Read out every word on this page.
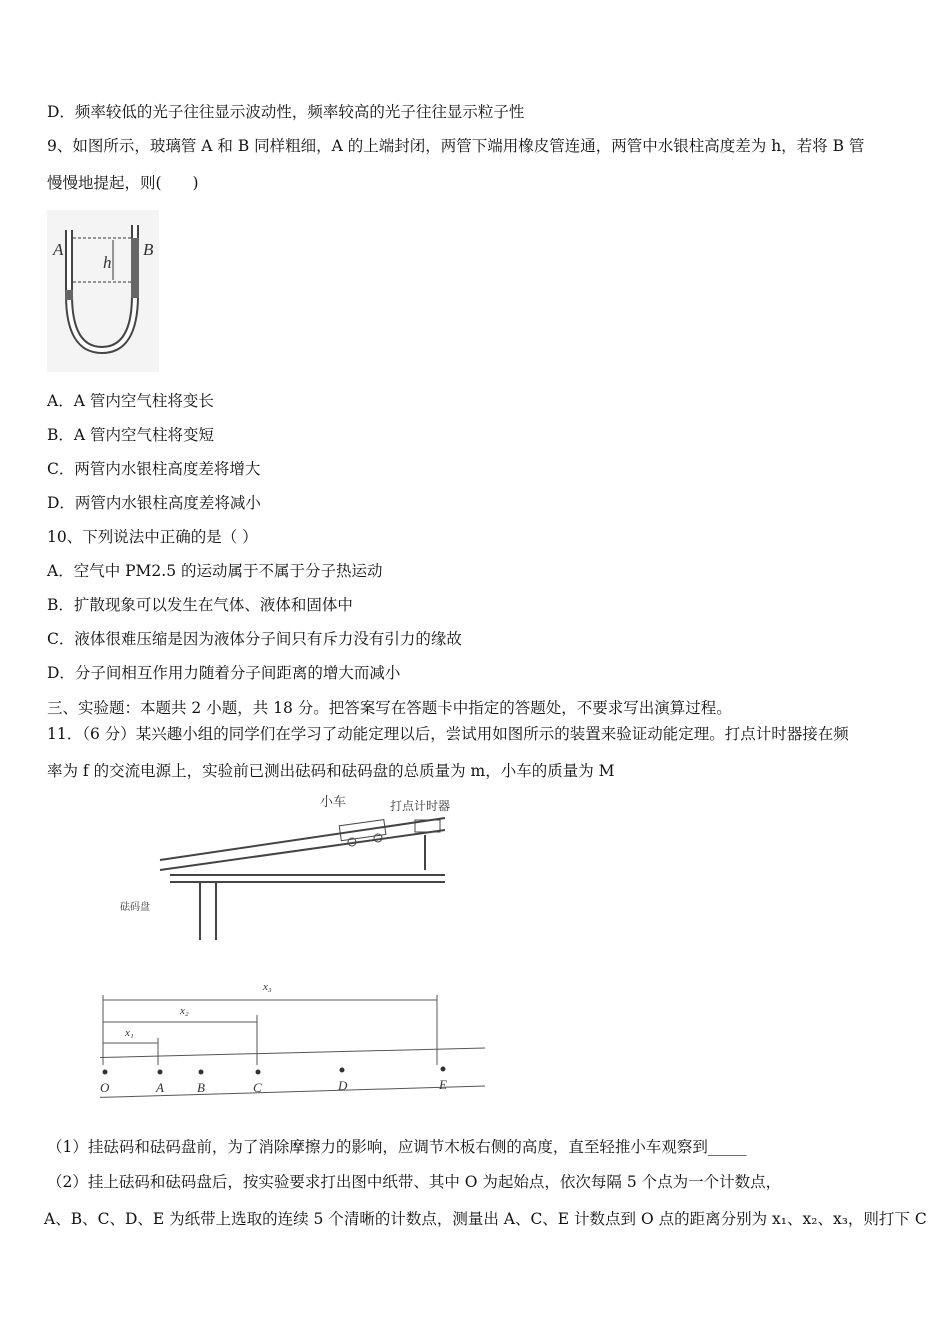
D．频率较低的光子往往显示波动性，频率较高的光子往往显示粒子性
9、如图所示，玻璃管 A 和 B 同样粗细，A 的上端封闭，两管下端用橡皮管连通，两管中水银柱高度差为 h，若将 B 管
慢慢地提起，则(　　)
A	B
h
A．A 管内空气柱将变长
B．A 管内空气柱将变短
C．两管内水银柱高度差将增大
D．两管内水银柱高度差将减小
10、下列说法中正确的是（ ）
A．空气中 PM2.5 的运动属于不属于分子热运动
B．扩散现象可以发生在气体、液体和固体中
C．液体很难压缩是因为液体分子间只有斥力没有引力的缘故
D．分子间相互作用力随着分子间距离的增大而减小
三、实验题：本题共 2 小题，共 18 分。把答案写在答题卡中指定的答题处，不要求写出演算过程。
11．（6 分）某兴趣小组的同学们在学习了动能定理以后，尝试用如图所示的装置来验证动能定理。打点计时器接在频
率为 f 的交流电源上，实验前已测出砝码和砝码盘的总质量为 m，小车的质量为 M
小车	打点计时器
砝码盘
x₃
x₂
x₁
O	A	B	C	D	E
（1）挂砝码和砝码盘前，为了消除摩擦力的影响，应调节木板右侧的高度，直至轻推小车观察到_____
（2）挂上砝码和砝码盘后，按实验要求打出图中纸带、其中 O 为起始点，依次每隔 5 个点为一个计数点，
A、B、C、D、E 为纸带上选取的连续 5 个清晰的计数点，测量出 A、C、E 计数点到 O 点的距离分别为 x₁、x₂、x₃，则打下 C
